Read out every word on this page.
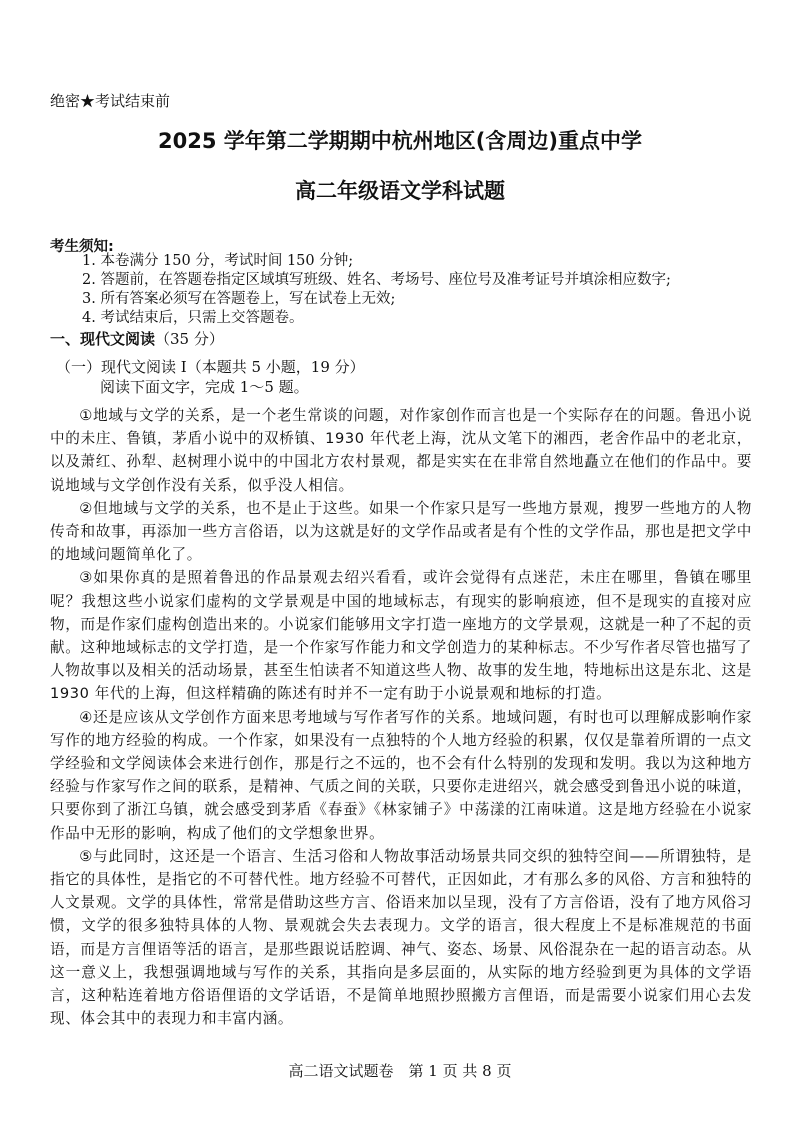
绝密★考试结束前
2025 学年第二学期期中杭州地区(含周边)重点中学
高二年级语文学科试题
考生须知:
1. 本卷满分 150 分，考试时间 150 分钟;
2. 答题前，在答题卷指定区域填写班级、姓名、考场号、座位号及准考证号并填涂相应数字;
3. 所有答案必须写在答题卷上，写在试卷上无效;
4. 考试结束后，只需上交答题卷。
一、现代文阅读（35 分）
（一）现代文阅读 I（本题共 5 小题，19 分）
阅读下面文字，完成 1～5 题。

①地域与文学的关系，是一个老生常谈的问题，对作家创作而言也是一个实际存在的问题。鲁迅小说中的未庄、鲁镇，茅盾小说中的双桥镇、1930 年代老上海，沈从文笔下的湘西，老舍作品中的老北京，以及萧红、孙犁、赵树理小说中的中国北方农村景观，都是实实在在非常自然地矗立在他们的作品中。要说地域与文学创作没有关系，似乎没人相信。

②但地域与文学的关系，也不是止于这些。如果一个作家只是写一些地方景观，搜罗一些地方的人物传奇和故事，再添加一些方言俗语，以为这就是好的文学作品或者是有个性的文学作品，那也是把文学中的地域问题简单化了。

③如果你真的是照着鲁迅的作品景观去绍兴看看，或许会觉得有点迷茫，未庄在哪里，鲁镇在哪里呢？我想这些小说家们虚构的文学景观是中国的地域标志，有现实的影响痕迹，但不是现实的直接对应物，而是作家们虚构创造出来的。小说家们能够用文字打造一座地方的文学景观，这就是一种了不起的贡献。这种地域标志的文学打造，是一个作家写作能力和文学创造力的某种标志。不少写作者尽管也描写了人物故事以及相关的活动场景，甚至生怕读者不知道这些人物、故事的发生地，特地标出这是东北、这是 1930 年代的上海，但这样精确的陈述有时并不一定有助于小说景观和地标的打造。

④还是应该从文学创作方面来思考地域与写作者写作的关系。地域问题，有时也可以理解成影响作家写作的地方经验的构成。一个作家，如果没有一点独特的个人地方经验的积累，仅仅是靠着所谓的一点文学经验和文学阅读体会来进行创作，那是行之不远的，也不会有什么特别的发现和发明。我以为这种地方经验与作家写作之间的联系，是精神、气质之间的关联，只要你走进绍兴，就会感受到鲁迅小说的味道，只要你到了浙江乌镇，就会感受到茅盾《春蚕》《林家铺子》中荡漾的江南味道。这是地方经验在小说家作品中无形的影响，构成了他们的文学想象世界。

⑤与此同时，这还是一个语言、生活习俗和人物故事活动场景共同交织的独特空间——所谓独特，是指它的具体性，是指它的不可替代性。地方经验不可替代，正因如此，才有那么多的风俗、方言和独特的人文景观。文学的具体性，常常是借助这些方言、俗语来加以呈现，没有了方言俗语，没有了地方风俗习惯，文学的很多独特具体的人物、景观就会失去表现力。文学的语言，很大程度上不是标准规范的书面语，而是方言俚语等活的语言，是那些跟说话腔调、神气、姿态、场景、风俗混杂在一起的语言动态。从这一意义上，我想强调地域与写作的关系，其指向是多层面的，从实际的地方经验到更为具体的文学语言，这种粘连着地方俗语俚语的文学话语，不是简单地照抄照搬方言俚语，而是需要小说家们用心去发现、体会其中的表现力和丰富内涵。

高二语文试题卷　第 1 页 共 8 页
